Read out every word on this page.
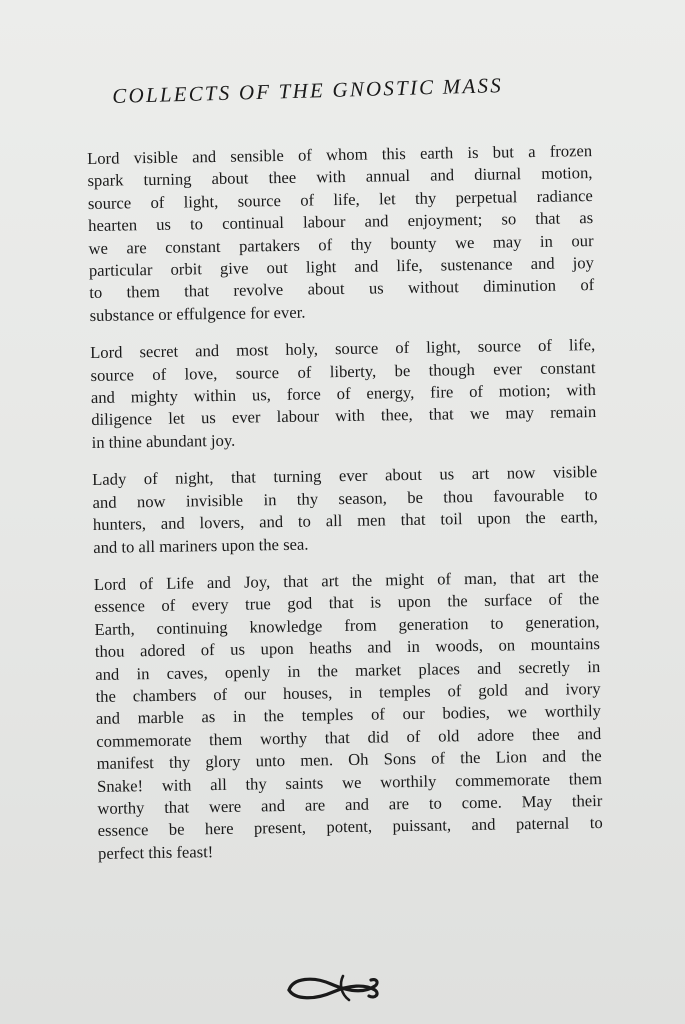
COLLECTS OF THE GNOSTIC MASS

Lord visible and sensible of whom this earth is but a frozen
spark turning about thee with annual and diurnal motion,
source of light, source of life, let thy perpetual radiance
hearten us to continual labour and enjoyment; so that as
we are constant partakers of thy bounty we may in our
particular orbit give out light and life, sustenance and joy
to them that revolve about us without diminution of
substance or effulgence for ever.

Lord secret and most holy, source of light, source of life,
source of love, source of liberty, be though ever constant
and mighty within us, force of energy, fire of motion; with
diligence let us ever labour with thee, that we may remain
in thine abundant joy.

Lady of night, that turning ever about us art now visible
and now invisible in thy season, be thou favourable to
hunters, and lovers, and to all men that toil upon the earth,
and to all mariners upon the sea.

Lord of Life and Joy, that art the might of man, that art the
essence of every true god that is upon the surface of the
Earth, continuing knowledge from generation to generation,
thou adored of us upon heaths and in woods, on mountains
and in caves, openly in the market places and secretly in
the chambers of our houses, in temples of gold and ivory
and marble as in the temples of our bodies, we worthily
commemorate them worthy that did of old adore thee and
manifest thy glory unto men. Oh Sons of the Lion and the
Snake! with all thy saints we worthily commemorate them
worthy that were and are and are to come. May their
essence be here present, potent, puissant, and paternal to
perfect this feast!
